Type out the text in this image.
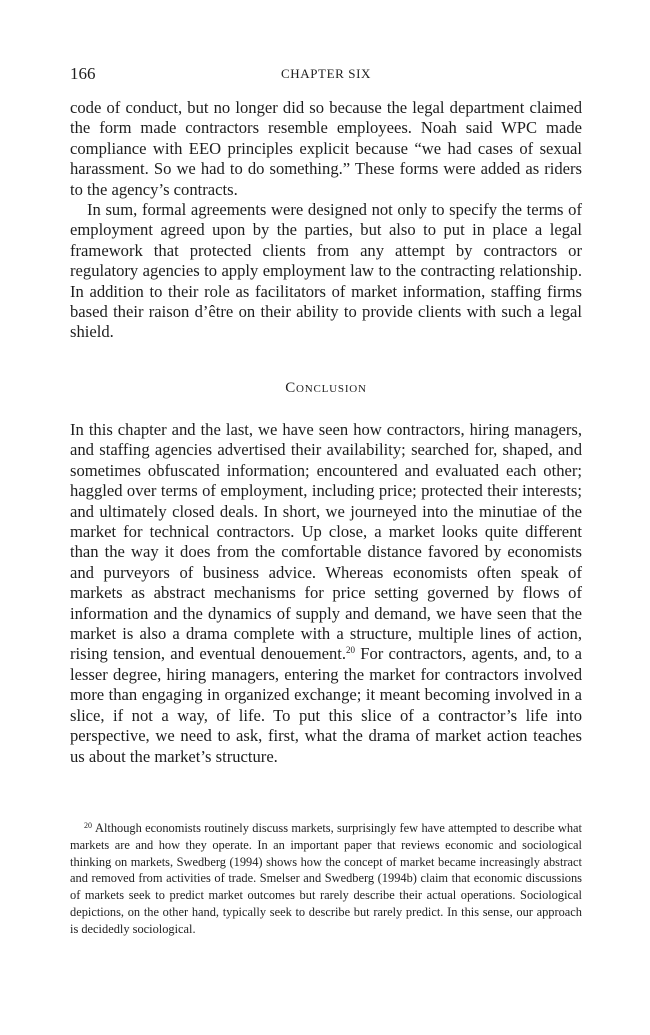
166	CHAPTER SIX

code of conduct, but no longer did so because the legal department claimed the form made contractors resemble employees. Noah said WPC made compliance with EEO principles explicit because “we had cases of sexual harassment. So we had to do something.” These forms were added as riders to the agency’s contracts.

In sum, formal agreements were designed not only to specify the terms of employment agreed upon by the parties, but also to put in place a legal framework that protected clients from any attempt by contractors or regulatory agencies to apply employment law to the contracting relationship. In addition to their role as facilitators of market information, staffing firms based their raison d’être on their ability to provide clients with such a legal shield.

Conclusion

In this chapter and the last, we have seen how contractors, hiring managers, and staffing agencies advertised their availability; searched for, shaped, and sometimes obfuscated information; encountered and evaluated each other; haggled over terms of employment, including price; protected their interests; and ultimately closed deals. In short, we journeyed into the minutiae of the market for technical contractors. Up close, a market looks quite different than the way it does from the comfortable distance favored by economists and purveyors of business advice. Whereas economists often speak of markets as abstract mechanisms for price setting governed by flows of information and the dynamics of supply and demand, we have seen that the market is also a drama complete with a structure, multiple lines of action, rising tension, and eventual denouement.$^{20}$ For contractors, agents, and, to a lesser degree, hiring managers, entering the market for contractors involved more than engaging in organized exchange; it meant becoming involved in a slice, if not a way, of life. To put this slice of a contractor’s life into perspective, we need to ask, first, what the drama of market action teaches us about the market’s structure.

$^{20}$ Although economists routinely discuss markets, surprisingly few have attempted to describe what markets are and how they operate. In an important paper that reviews economic and sociological thinking on markets, Swedberg (1994) shows how the concept of market became increasingly abstract and removed from activities of trade. Smelser and Swedberg (1994b) claim that economic discussions of markets seek to predict market outcomes but rarely describe their actual operations. Sociological depictions, on the other hand, typically seek to describe but rarely predict. In this sense, our approach is decidedly sociological.
